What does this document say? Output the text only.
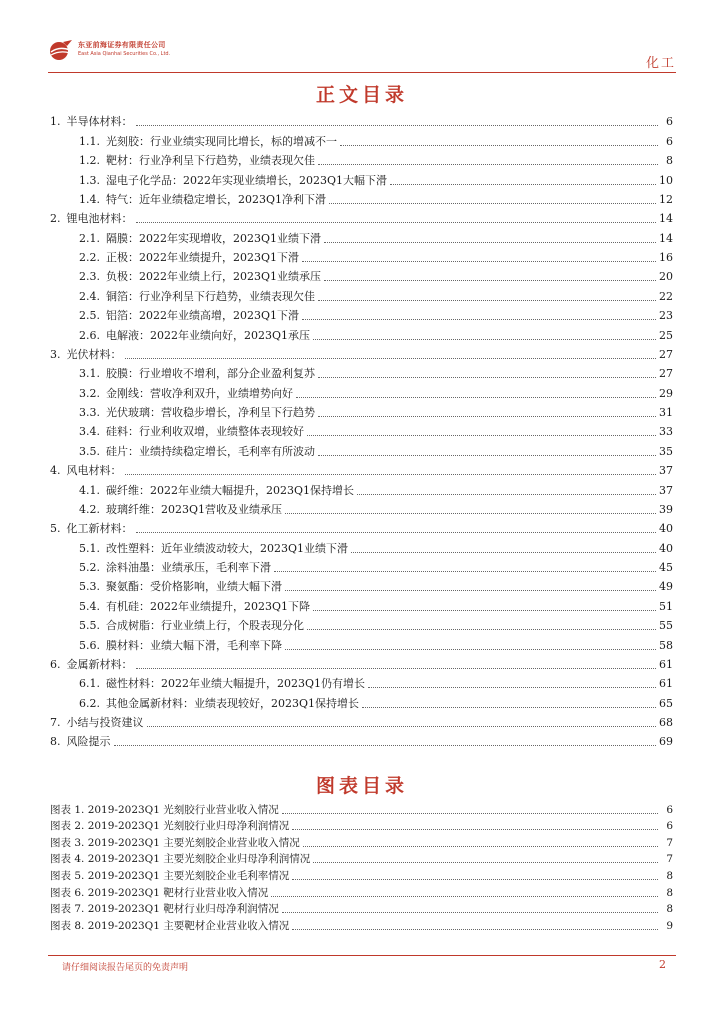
东亚前海证券有限责任公司
East Asia Qianhai Securities Co., Ltd.
化工
正文目录
1. 半导体材料：	6
1.1. 光刻胶：行业业绩实现同比增长，标的增减不一	6
1.2. 靶材：行业净利呈下行趋势，业绩表现欠佳	8
1.3. 湿电子化学品：2022年实现业绩增长，2023Q1大幅下滑	10
1.4. 特气：近年业绩稳定增长，2023Q1净利下滑	12
2. 锂电池材料：	14
2.1. 隔膜：2022年实现增收，2023Q1业绩下滑	14
2.2. 正极：2022年业绩提升，2023Q1下滑	16
2.3. 负极：2022年业绩上行，2023Q1业绩承压	20
2.4. 铜箔：行业净利呈下行趋势，业绩表现欠佳	22
2.5. 铝箔：2022年业绩高增，2023Q1下滑	23
2.6. 电解液：2022年业绩向好，2023Q1承压	25
3. 光伏材料：	27
3.1. 胶膜：行业增收不增利，部分企业盈利复苏	27
3.2. 金刚线：营收净利双升，业绩增势向好	29
3.3. 光伏玻璃：营收稳步增长，净利呈下行趋势	31
3.4. 硅料：行业利收双增，业绩整体表现较好	33
3.5. 硅片：业绩持续稳定增长，毛利率有所波动	35
4. 风电材料：	37
4.1. 碳纤维：2022年业绩大幅提升，2023Q1保持增长	37
4.2. 玻璃纤维：2023Q1营收及业绩承压	39
5. 化工新材料：	40
5.1. 改性塑料：近年业绩波动较大，2023Q1业绩下滑	40
5.2. 涂料油墨：业绩承压，毛利率下滑	45
5.3. 聚氨酯：受价格影响，业绩大幅下滑	49
5.4. 有机硅：2022年业绩提升，2023Q1下降	51
5.5. 合成树脂：行业业绩上行，个股表现分化	55
5.6. 膜材料：业绩大幅下滑，毛利率下降	58
6. 金属新材料：	61
6.1. 磁性材料：2022年业绩大幅提升，2023Q1仍有增长	61
6.2. 其他金属新材料：业绩表现较好，2023Q1保持增长	65
7. 小结与投资建议	68
8. 风险提示	69
图表目录
图表 1. 2019-2023Q1 光刻胶行业营业收入情况	6
图表 2. 2019-2023Q1 光刻胶行业归母净利润情况	6
图表 3. 2019-2023Q1 主要光刻胶企业营业收入情况	7
图表 4. 2019-2023Q1 主要光刻胶企业归母净利润情况	7
图表 5. 2019-2023Q1 主要光刻胶企业毛利率情况	8
图表 6. 2019-2023Q1 靶材行业营业收入情况	8
图表 7. 2019-2023Q1 靶材行业归母净利润情况	8
图表 8. 2019-2023Q1 主要靶材企业营业收入情况	9
请仔细阅读报告尾页的免责声明	2
